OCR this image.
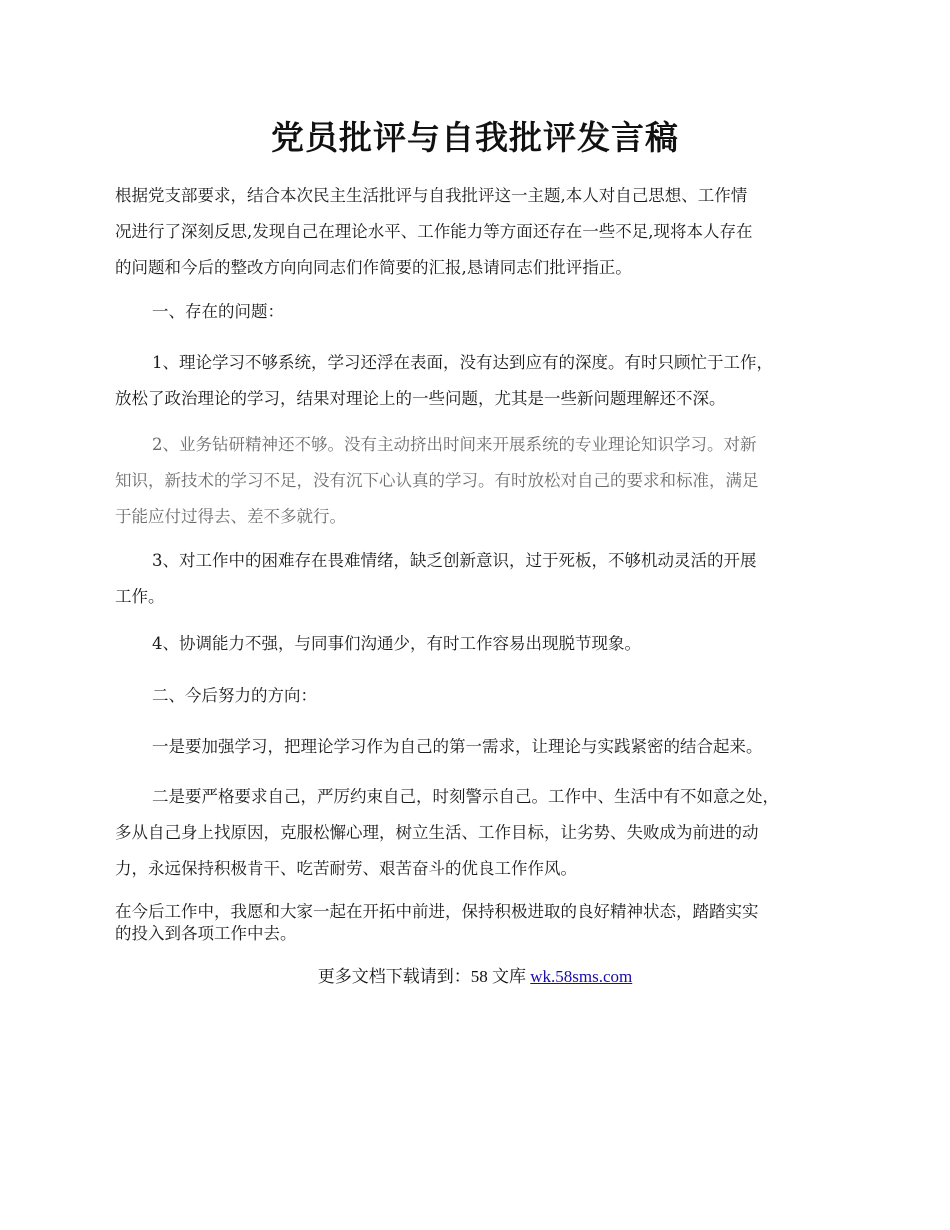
党员批评与自我批评发言稿
根据党支部要求，结合本次民主生活批评与自我批评这一主题,本人对自己思想、工作情
况进行了深刻反思,发现自己在理论水平、工作能力等方面还存在一些不足,现将本人存在
的问题和今后的整改方向向同志们作简要的汇报,恳请同志们批评指正。
一、存在的问题：
1、理论学习不够系统，学习还浮在表面，没有达到应有的深度。有时只顾忙于工作，
放松了政治理论的学习，结果对理论上的一些问题，尤其是一些新问题理解还不深。
2、业务钻研精神还不够。没有主动挤出时间来开展系统的专业理论知识学习。对新
知识，新技术的学习不足，没有沉下心认真的学习。有时放松对自己的要求和标准，满足
于能应付过得去、差不多就行。
3、对工作中的困难存在畏难情绪，缺乏创新意识，过于死板，不够机动灵活的开展
工作。
4、协调能力不强，与同事们沟通少，有时工作容易出现脱节现象。
二、今后努力的方向：
一是要加强学习，把理论学习作为自己的第一需求，让理论与实践紧密的结合起来。
二是要严格要求自己，严厉约束自己，时刻警示自己。工作中、生活中有不如意之处，
多从自己身上找原因，克服松懈心理，树立生活、工作目标，让劣势、失败成为前进的动
力，永远保持积极肯干、吃苦耐劳、艰苦奋斗的优良工作作风。
在今后工作中，我愿和大家一起在开拓中前进，保持积极进取的良好精神状态，踏踏实实
的投入到各项工作中去。
更多文档下载请到：58 文库 wk.58sms.com
